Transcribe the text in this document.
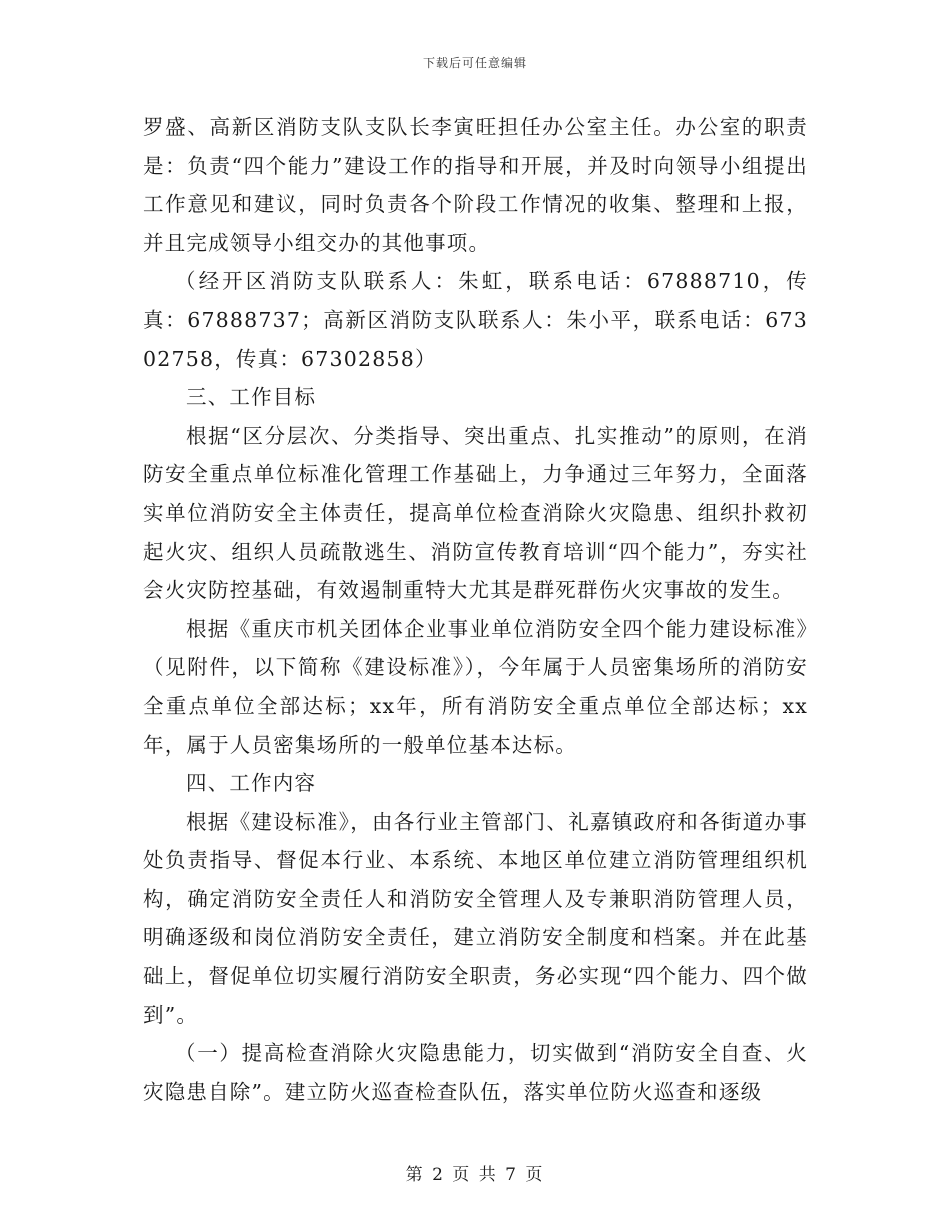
下载后可任意编辑

罗盛、高新区消防支队支队长李寅旺担任办公室主任。办公室的职责是：负责“四个能力”建设工作的指导和开展，并及时向领导小组提出工作意见和建议，同时负责各个阶段工作情况的收集、整理和上报，并且完成领导小组交办的其他事项。

（经开区消防支队联系人：朱虹，联系电话：67888710，传真：67888737；高新区消防支队联系人：朱小平，联系电话：67302758，传真：67302858）

三、工作目标

根据“区分层次、分类指导、突出重点、扎实推动”的原则，在消防安全重点单位标准化管理工作基础上，力争通过三年努力，全面落实单位消防安全主体责任，提高单位检查消除火灾隐患、组织扑救初起火灾、组织人员疏散逃生、消防宣传教育培训“四个能力”，夯实社会火灾防控基础，有效遏制重特大尤其是群死群伤火灾事故的发生。

根据《重庆市机关团体企业事业单位消防安全四个能力建设标准》（见附件，以下简称《建设标准》），今年属于人员密集场所的消防安全重点单位全部达标；xx年，所有消防安全重点单位全部达标；xx年，属于人员密集场所的一般单位基本达标。

四、工作内容

根据《建设标准》，由各行业主管部门、礼嘉镇政府和各街道办事处负责指导、督促本行业、本系统、本地区单位建立消防管理组织机构，确定消防安全责任人和消防安全管理人及专兼职消防管理人员，明确逐级和岗位消防安全责任，建立消防安全制度和档案。并在此基础上，督促单位切实履行消防安全职责，务必实现“四个能力、四个做到”。

（一）提高检查消除火灾隐患能力，切实做到“消防安全自查、火灾隐患自除”。建立防火巡查检查队伍，落实单位防火巡查和逐级

第 2 页 共 7 页
